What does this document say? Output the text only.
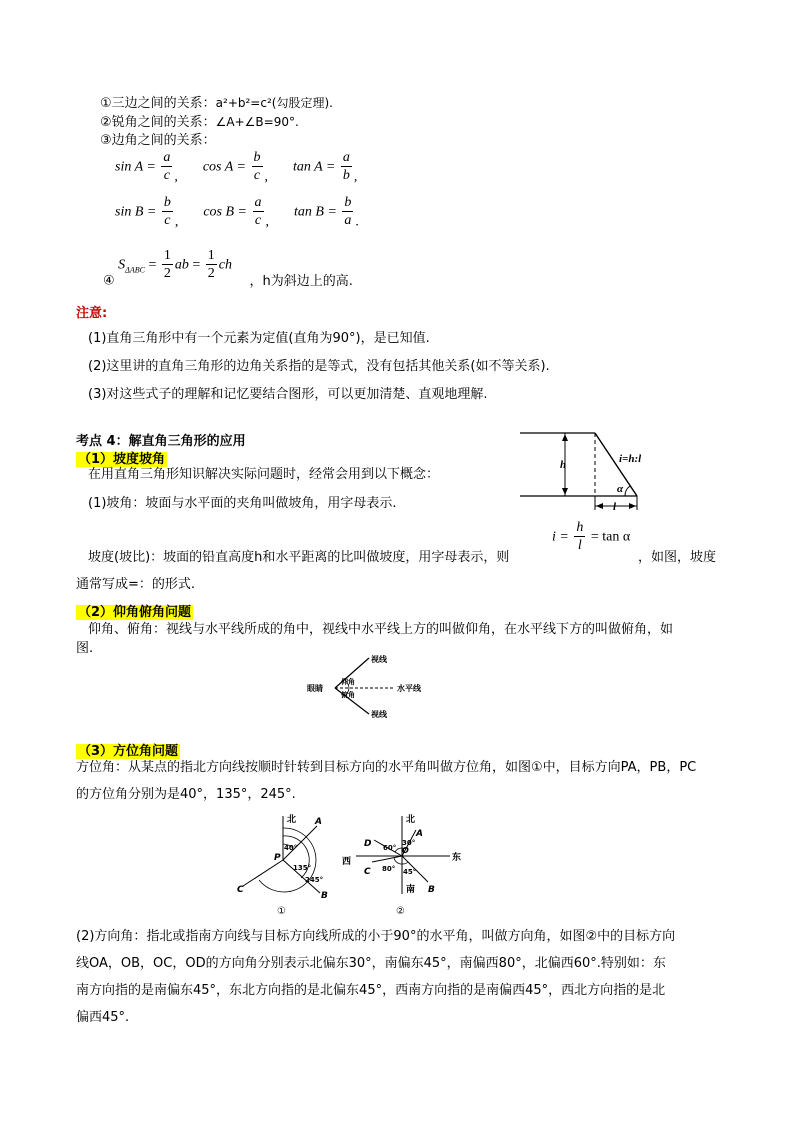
①三边之间的关系：a²+b²=c²(勾股定理).
②锐角之间的关系：∠A+∠B=90°.
③边角之间的关系：
$\sin A = \frac{a}{c}$ ,  $\cos A = \frac{b}{c}$ ,  $\tan A = \frac{a}{b}$ ,
$\sin B = \frac{b}{c}$ ,  $\cos B = \frac{a}{c}$ ,  $\tan B = \frac{b}{a}$ .
④ $S_{\Delta ABC} = \frac{1}{2}$ ab = $\frac{1}{2}$ ch ，h为斜边上的高.
注意:
(1)直角三角形中有一个元素为定值(直角为90°)，是已知值.
(2)这里讲的直角三角形的边角关系指的是等式，没有包括其他关系(如不等关系).
(3)对这些式子的理解和记忆要结合图形，可以更加清楚、直观地理解.
考点 4：解直角三角形的应用
（1）坡度坡角
在用直角三角形知识解决实际问题时，经常会用到以下概念：
(1)坡角：坡面与水平面的夹角叫做坡角，用字母表示.
h	i=h:l
α
l
$i = \frac{h}{l} = \tan \alpha$
坡度(坡比)：坡面的铅直高度h和水平距离的比叫做坡度，用字母表示，则	，如图，坡度
通常写成=：的形式.
（2）仰角俯角问题
仰角、俯角：视线与水平线所成的角中，视线中水平线上方的叫做仰角，在水平线下方的叫做俯角，如
图.
眼睛
视线
视线
仰角
俯角
水平线
（3）方位角问题
方位角：从某点的指北方向线按顺时针转到目标方向的水平角叫做方位角，如图①中，目标方向PA，PB，PC
的方位角分别为是40°，135°，245°.
北 A
B
C
P
40°
135°
245°
①
北
南
东
西
A
B
C
D
O
60°
30°
80° 45°
②
(2)方向角：指北或指南方向线与目标方向线所成的小于90°的水平角，叫做方向角，如图②中的目标方向
线OA，OB，OC，OD的方向角分别表示北偏东30°，南偏东45°，南偏西80°，北偏西60°.特别如：东
南方向指的是南偏东45°，东北方向指的是北偏东45°，西南方向指的是南偏西45°，西北方向指的是北
偏西45°.
